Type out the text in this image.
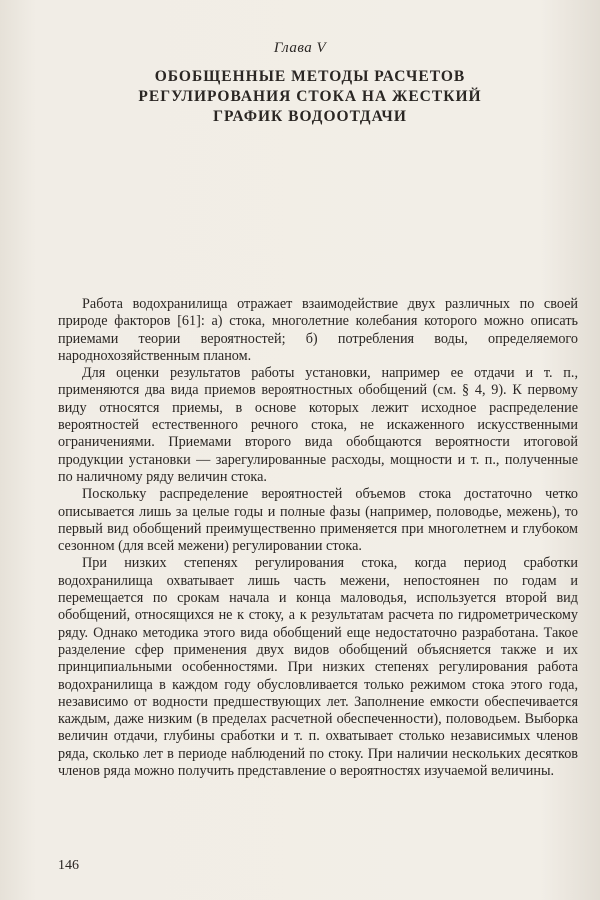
Глава V
ОБОБЩЕННЫЕ МЕТОДЫ РАСЧЕТОВ
РЕГУЛИРОВАНИЯ СТОКА НА ЖЕСТКИЙ
ГРАФИК ВОДООТДАЧИ

Работа водохранилища отражает взаимодействие двух различных по своей природе факторов [61]: а) стока, многолетние колебания которого можно описать приемами теории вероятностей; б) потребления воды, определяемого народнохозяйственным планом.

Для оценки результатов работы установки, например ее отдачи и т. п., применяются два вида приемов вероятностных обобщений (см. § 4, 9). К первому виду относятся приемы, в основе которых лежит исходное распределение вероятностей естественного речного стока, не искаженного искусственными ограничениями. Приемами второго вида обобщаются вероятности итоговой продукции установки — зарегулированные расходы, мощности и т. п., полученные по наличному ряду величин стока.

Поскольку распределение вероятностей объемов стока достаточно четко описывается лишь за целые годы и полные фазы (например, половодье, межень), то первый вид обобщений преимущественно применяется при многолетнем и глубоком сезонном (для всей межени) регулировании стока.

При низких степенях регулирования стока, когда период сработки водохранилища охватывает лишь часть межени, непостоянен по годам и перемещается по срокам начала и конца маловодья, используется второй вид обобщений, относящихся не к стоку, а к результатам расчета по гидрометрическому ряду. Однако методика этого вида обобщений еще недостаточно разработана. Такое разделение сфер применения двух видов обобщений объясняется также и их принципиальными особенностями. При низких степенях регулирования работа водохранилища в каждом году обусловливается только режимом стока этого года, независимо от водности предшествующих лет. Заполнение емкости обеспечивается каждым, даже низким (в пределах расчетной обеспеченности), половодьем. Выборка величин отдачи, глубины сработки и т. п. охватывает столько независимых членов ряда, сколько лет в периоде наблюдений по стоку. При наличии нескольких десятков членов ряда можно получить представление о вероятностях изучаемой величины.

146
